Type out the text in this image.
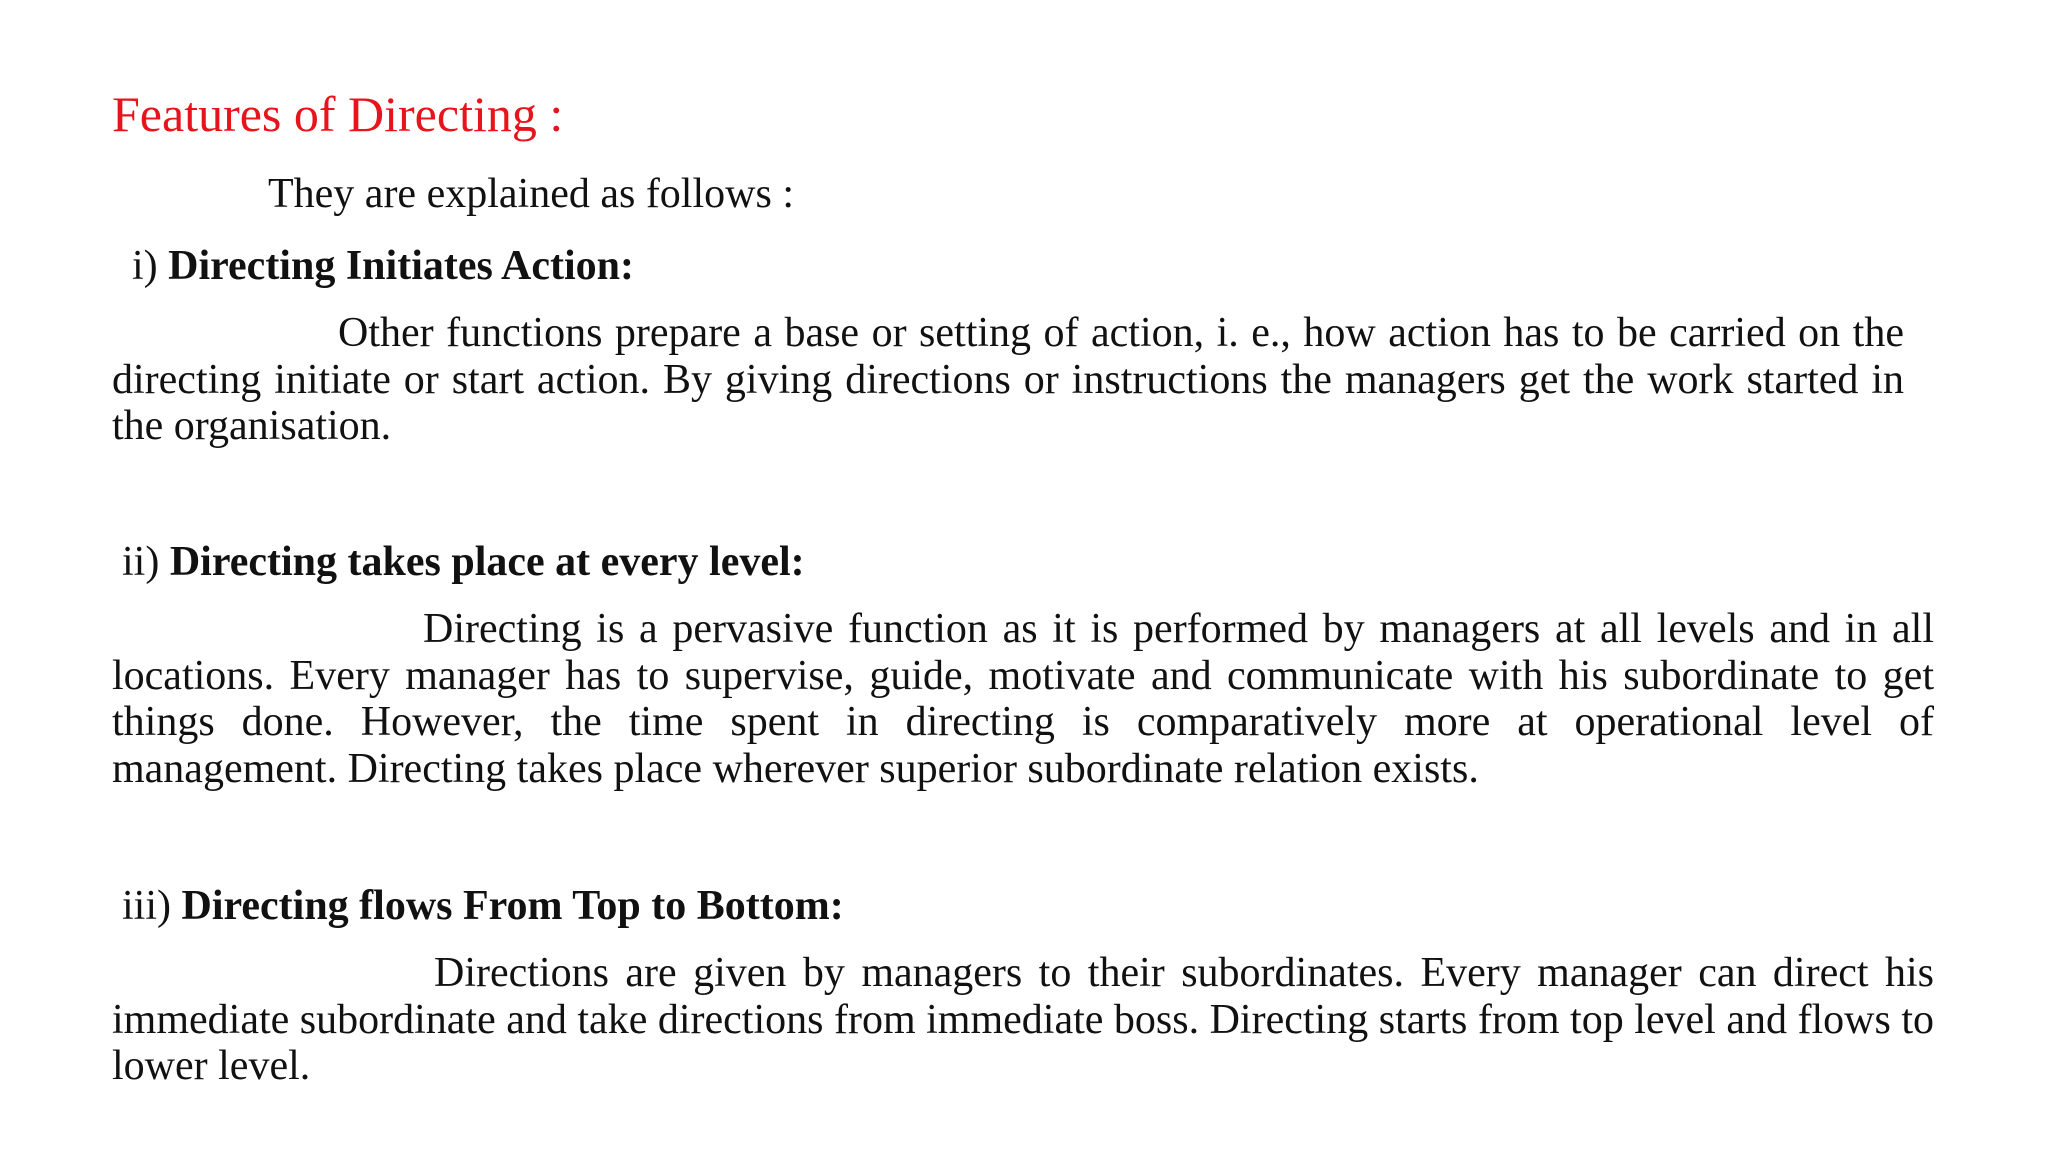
Features of Directing :
They are explained as follows :
i) Directing Initiates Action:
Other functions prepare a base or setting of action, i. e., how action has to be carried on the directing initiate or start action. By giving directions or instructions the managers get the work started in the organisation.
ii) Directing takes place at every level:
Directing is a pervasive function as it is performed by managers at all levels and in all locations. Every manager has to supervise, guide, motivate and communicate with his subordinate to get things done. However, the time spent in directing is comparatively more at operational level of management. Directing takes place wherever superior subordinate relation exists.
iii) Directing flows From Top to Bottom:
Directions are given by managers to their subordinates. Every manager can direct his immediate subordinate and take directions from immediate boss. Directing starts from top level and flows to lower level.
